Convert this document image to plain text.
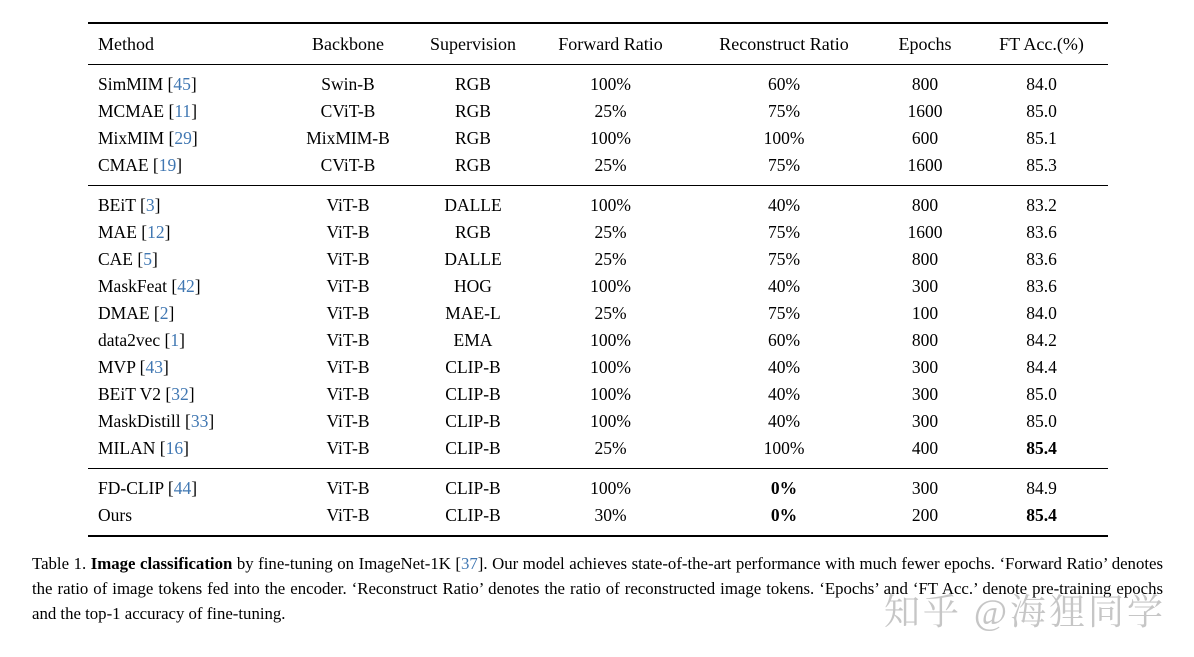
Method	Backbone	Supervision	Forward Ratio	Reconstruct Ratio	Epochs	FT Acc.(%)
SimMIM [45]	Swin-B	RGB	100%	60%	800	84.0
MCMAE [11]	CViT-B	RGB	25%	75%	1600	85.0
MixMIM [29]	MixMIM-B	RGB	100%	100%	600	85.1
CMAE [19]	CViT-B	RGB	25%	75%	1600	85.3
BEiT [3]	ViT-B	DALLE	100%	40%	800	83.2
MAE [12]	ViT-B	RGB	25%	75%	1600	83.6
CAE [5]	ViT-B	DALLE	25%	75%	800	83.6
MaskFeat [42]	ViT-B	HOG	100%	40%	300	83.6
DMAE [2]	ViT-B	MAE-L	25%	75%	100	84.0
data2vec [1]	ViT-B	EMA	100%	60%	800	84.2
MVP [43]	ViT-B	CLIP-B	100%	40%	300	84.4
BEiT V2 [32]	ViT-B	CLIP-B	100%	40%	300	85.0
MaskDistill [33]	ViT-B	CLIP-B	100%	40%	300	85.0
MILAN [16]	ViT-B	CLIP-B	25%	100%	400	85.4
FD-CLIP [44]	ViT-B	CLIP-B	100%	0%	300	84.9
Ours	ViT-B	CLIP-B	30%	0%	200	85.4

Table 1. Image classification by fine-tuning on ImageNet-1K [37]. Our model achieves state-of-the-art performance with much fewer epochs. ‘Forward Ratio’ denotes the ratio of image tokens fed into the encoder. ‘Reconstruct Ratio’ denotes the ratio of reconstructed image tokens. ‘Epochs’ and ‘FT Acc.’ denote pre-training epochs and the top-1 accuracy of fine-tuning.	知乎 @海狸同学
